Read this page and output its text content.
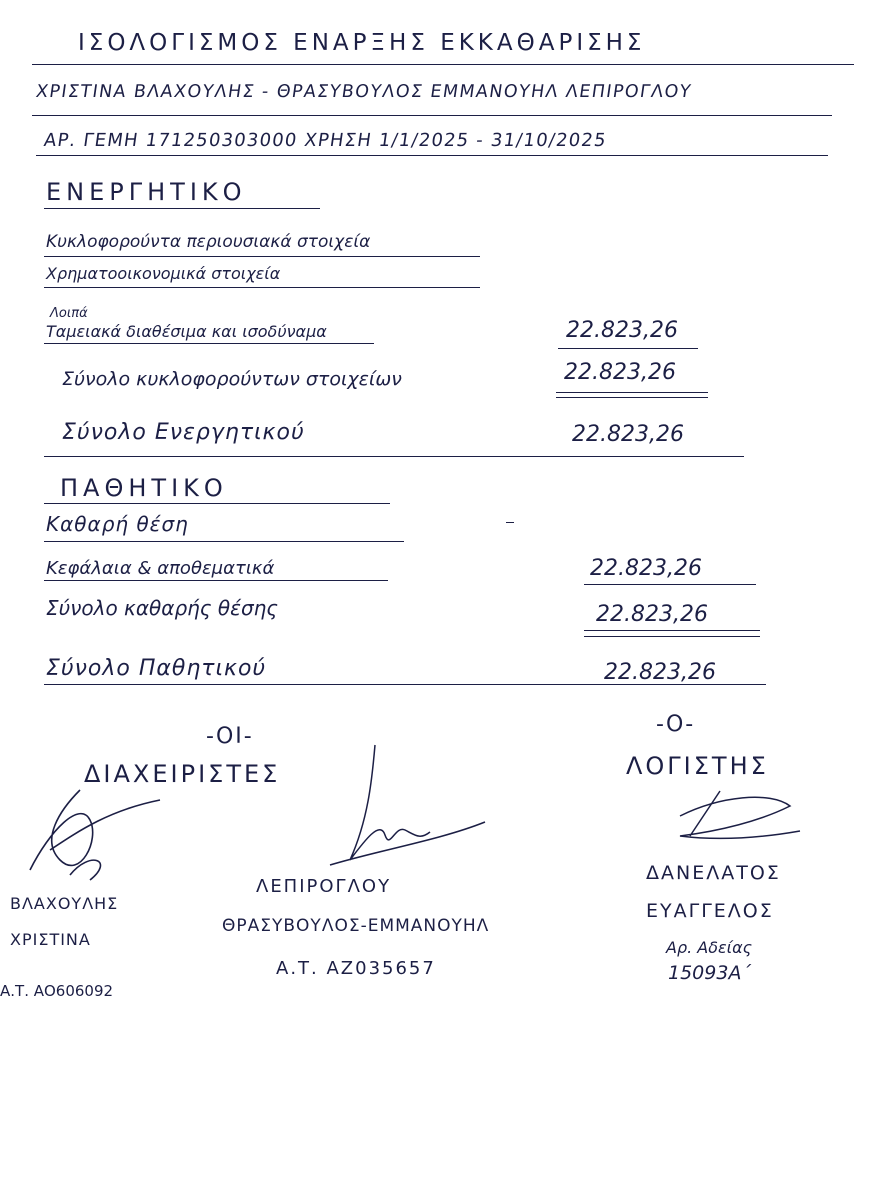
ΙΣΟΛΟΓΙΣΜΟΣ ΕΝΑΡΞΗΣ ΕΚΚΑΘΑΡΙΣΗΣ
ΧΡΙΣΤΙΝΑ ΒΛΑΧΟΥΛΗΣ - ΘΡΑΣΥΒΟΥΛΟΣ ΕΜΜΑΝΟΥΗΛ ΛΕΠΙΡΟΓΛΟΥ
ΑΡ. ΓΕΜΗ 171250303000 ΧΡΗΣΗ 1/1/2025 - 31/10/2025
ΕΝΕΡΓΗΤΙΚΟ
Κυκλοφορούντα περιουσιακά στοιχεία
Χρηματοοικονομικά στοιχεία
Λοιπά
Ταμειακά διαθέσιμα και ισοδύναμα	22.823,26
Σύνολο κυκλοφορούντων στοιχείων	22.823,26
Σύνολο Ενεργητικού	22.823,26
ΠΑΘΗΤΙΚΟ
Καθαρή θέση
Κεφάλαια & αποθεματικά	22.823,26
Σύνολο καθαρής θέσης	22.823,26
Σύνολο Παθητικού	22.823,26
-ΟΙ-
ΔΙΑΧΕΙΡΙΣΤΕΣ
ΒΛΑΧΟΥΛΗΣ
ΧΡΙΣΤΙΝΑ
Α.Τ. ΑΟ606092
ΛΕΠΙΡΟΓΛΟΥ
ΘΡΑΣΥΒΟΥΛΟΣ-ΕΜΜΑΝΟΥΗΛ
Α.Τ. ΑΖ035657
-Ο-
ΛΟΓΙΣΤΗΣ
ΔΑΝΕΛΑΤΟΣ
ΕΥΑΓΓΕΛΟΣ
Αρ. Αδείας
15093Α΄
